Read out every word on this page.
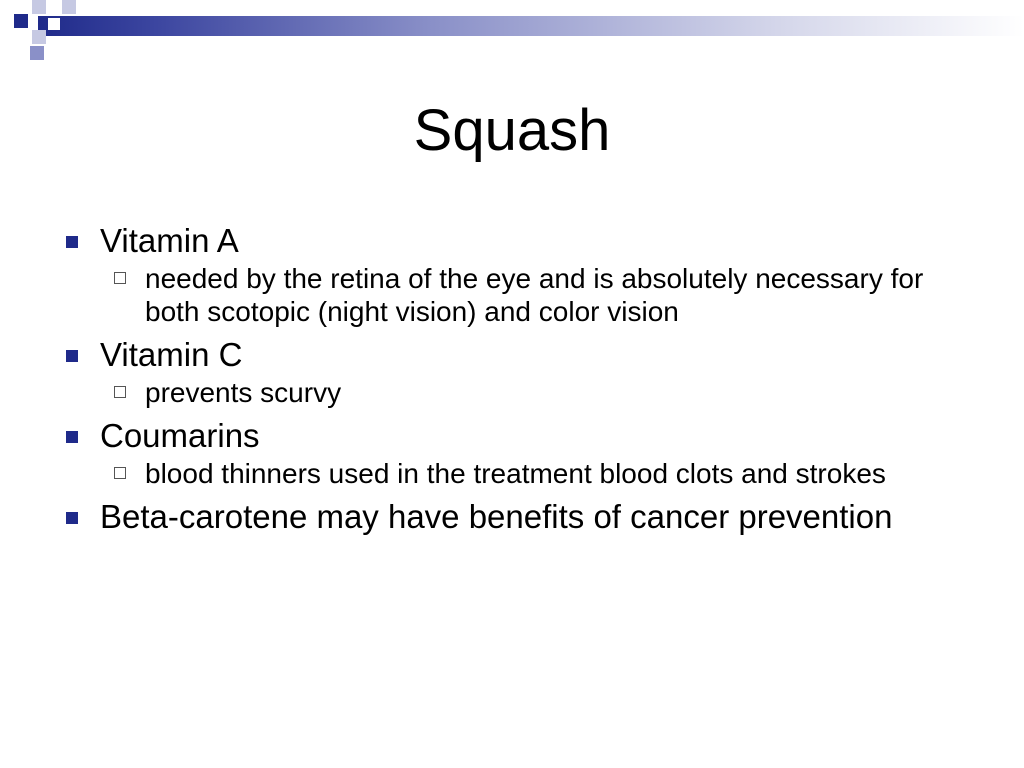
Squash
Vitamin A
needed by the retina of the eye and is absolutely necessary for both scotopic (night vision) and color vision
Vitamin C
prevents scurvy
Coumarins
blood thinners used in the treatment blood clots and strokes
Beta-carotene may have benefits of cancer prevention
